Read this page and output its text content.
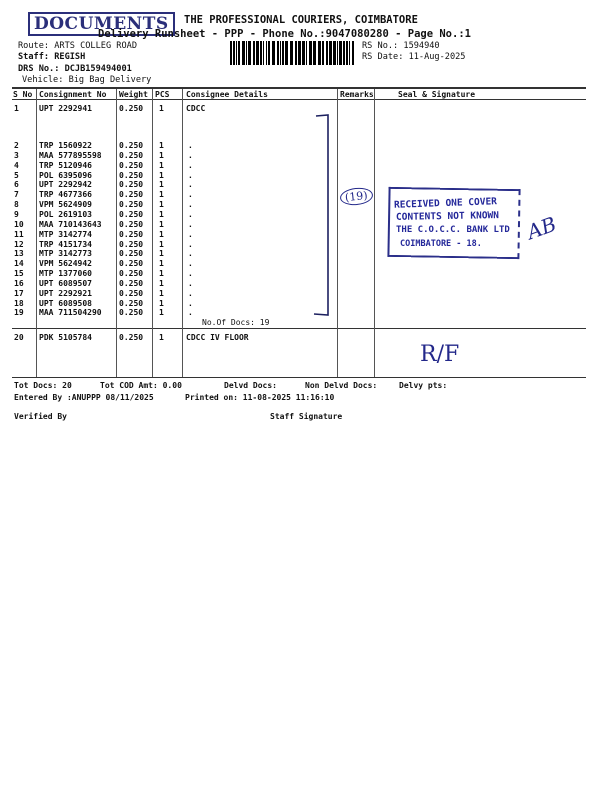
DOCUMENTS	THE PROFESSIONAL COURIERS, COIMBATORE
Delivery Runsheet - PPP - Phone No.:9047080280 - Page No.:1
Route: ARTS COLLEG ROAD
Staff: REGISH
DRS No.: DCJB159494001
Vehicle: Big Bag Delivery
RS No.: 1594940
RS Date: 11-Aug-2025
S No Consignment No Weight PCS Consignee Details	Remarks	Seal & Signature
1	UPT 2292941	0.250 1	CDCC
2	TRP 1560922	0.250 1	.
3	MAA 577895598 0.250 1	.
4	TRP 5120946	0.250 1	.
5	POL 6395096	0.250 1	.
6	UPT 2292942	0.250 1	.
7	TRP 4677366	0.250 1	.
8	VPM 5624909	0.250 1	.
9	POL 2619103	0.250 1	.
10 MAA 710143643 0.250 1	.
11 MTP 3142774	0.250 1	.
12 TRP 4151734	0.250 1	.
13 MTP 3142773	0.250 1	.
14 VPM 5624942	0.250 1	.
15 MTP 1377060	0.250 1	.
16 UPT 6089507	0.250 1	.
17 UPT 2292921	0.250 1	.
18 UPT 6089508	0.250 1	.
19 MAA 711504290 0.250 1	.
No.Of Docs: 19
20 PDK 5105784	0.250 1	CDCC IV FLOOR
(19)
R/F
RECEIVED ONE COVER
CONTENTS NOT KNOWN
THE C.O.C.C. BANK LTD
COIMBATORE - 18. AB
Tot Docs: 20	Tot COD Amt: 0.00	Delvd Docs:	Non Delvd Docs:	Delvy pts:
Entered By :ANUPPP 08/11/2025	Printed on: 11-08-2025 11:16:10
Verified By	Staff Signature
